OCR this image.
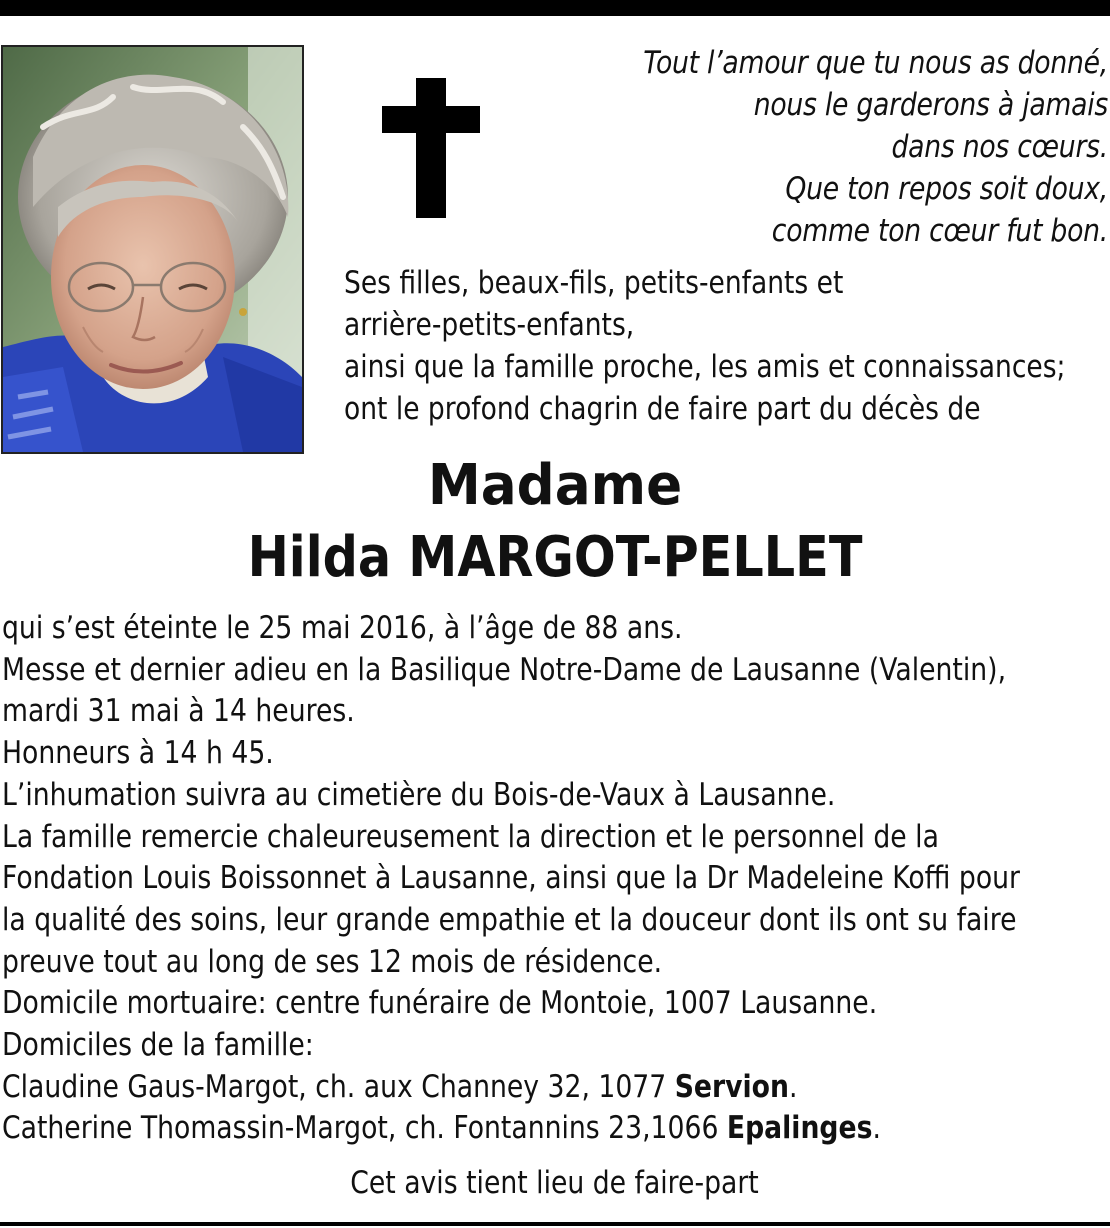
Tout l’amour que tu nous as donné,
nous le garderons à jamais
dans nos cœurs.
Que ton repos soit doux,
comme ton cœur fut bon.
Ses filles, beaux-fils, petits-enfants et
arrière-petits-enfants,
ainsi que la famille proche, les amis et connaissances;
ont le profond chagrin de faire part du décès de
Madame
Hilda MARGOT-PELLET
qui s’est éteinte le 25 mai 2016, à l’âge de 88 ans.
Messe et dernier adieu en la Basilique Notre-Dame de Lausanne (Valentin),
mardi 31 mai à 14 heures.
Honneurs à 14 h 45.
L’inhumation suivra au cimetière du Bois-de-Vaux à Lausanne.
La famille remercie chaleureusement la direction et le personnel de la
Fondation Louis Boissonnet à Lausanne, ainsi que la Dr Madeleine Koffi pour
la qualité des soins, leur grande empathie et la douceur dont ils ont su faire
preuve tout au long de ses 12 mois de résidence.
Domicile mortuaire: centre funéraire de Montoie, 1007 Lausanne.
Domiciles de la famille:
Claudine Gaus-Margot, ch. aux Channey 32, 1077 Servion.
Catherine Thomassin-Margot, ch. Fontannins 23,1066 Epalinges.
Cet avis tient lieu de faire-part
